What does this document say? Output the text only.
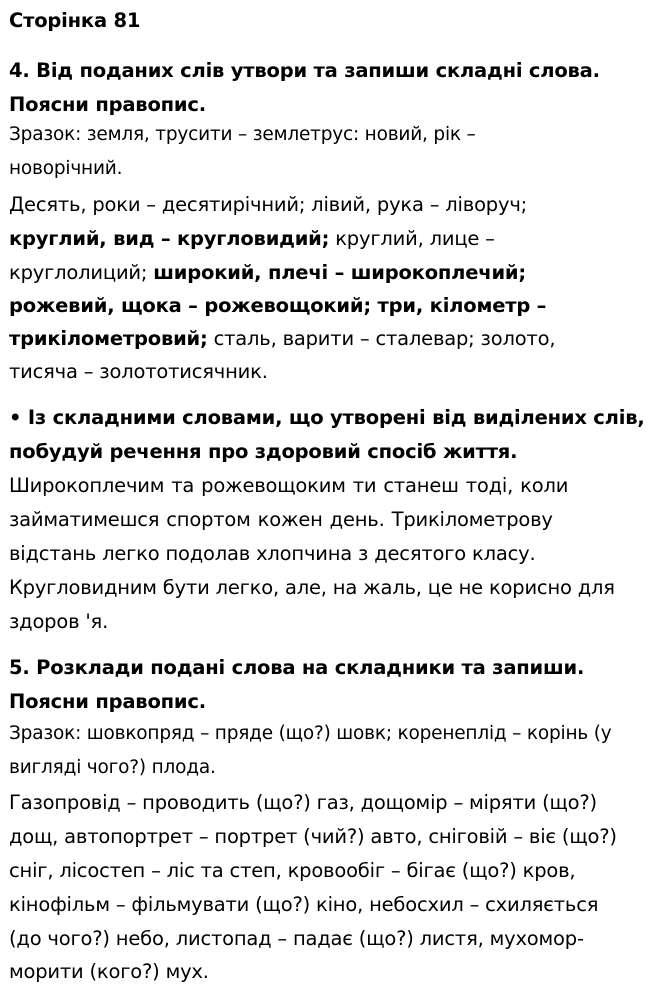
Сторінка 81
4. Від поданих слів утвори та запиши складні слова.
Поясни правопис.
Зразок: земля, трусити – землетрус: новий, рік –
новорічний.
Десять, роки – десятирічний; лівий, рука – ліворуч;
круглий, вид – кругловидий; круглий, лице –
круглолиций; широкий, плечі – широкоплечий;
рожевий, щока – рожевощокий; три, кілометр –
трикілометровий; сталь, варити – сталевар; золото,
тисяча – золототисячник.
• Із складними словами, що утворені від виділених слів,
побудуй речення про здоровий спосіб життя.
Широкоплечим та рожевощоким ти станеш тоді, коли
займатимешся спортом кожен день. Трикілометрову
відстань легко подолав хлопчина з десятого класу.
Кругловидним бути легко, але, на жаль, це не корисно для
здоров 'я.
5. Розклади подані слова на складники та запиши.
Поясни правопис.
Зразок: шовкопряд – пряде (що?) шовк; коренеплід – корінь (у
вигляді чого?) плода.
Газопровід – проводить (що?) газ, дощомір – міряти (що?)
дощ, автопортрет – портрет (чий?) авто, сніговій – віє (що?)
сніг, лісостеп – ліс та степ, кровообіг – бігає (що?) кров,
кінофільм – фільмувати (що?) кіно, небосхил – схиляється
(до чого?) небо, листопад – падає (що?) листя, мухомор-
морити (кого?) мух.
